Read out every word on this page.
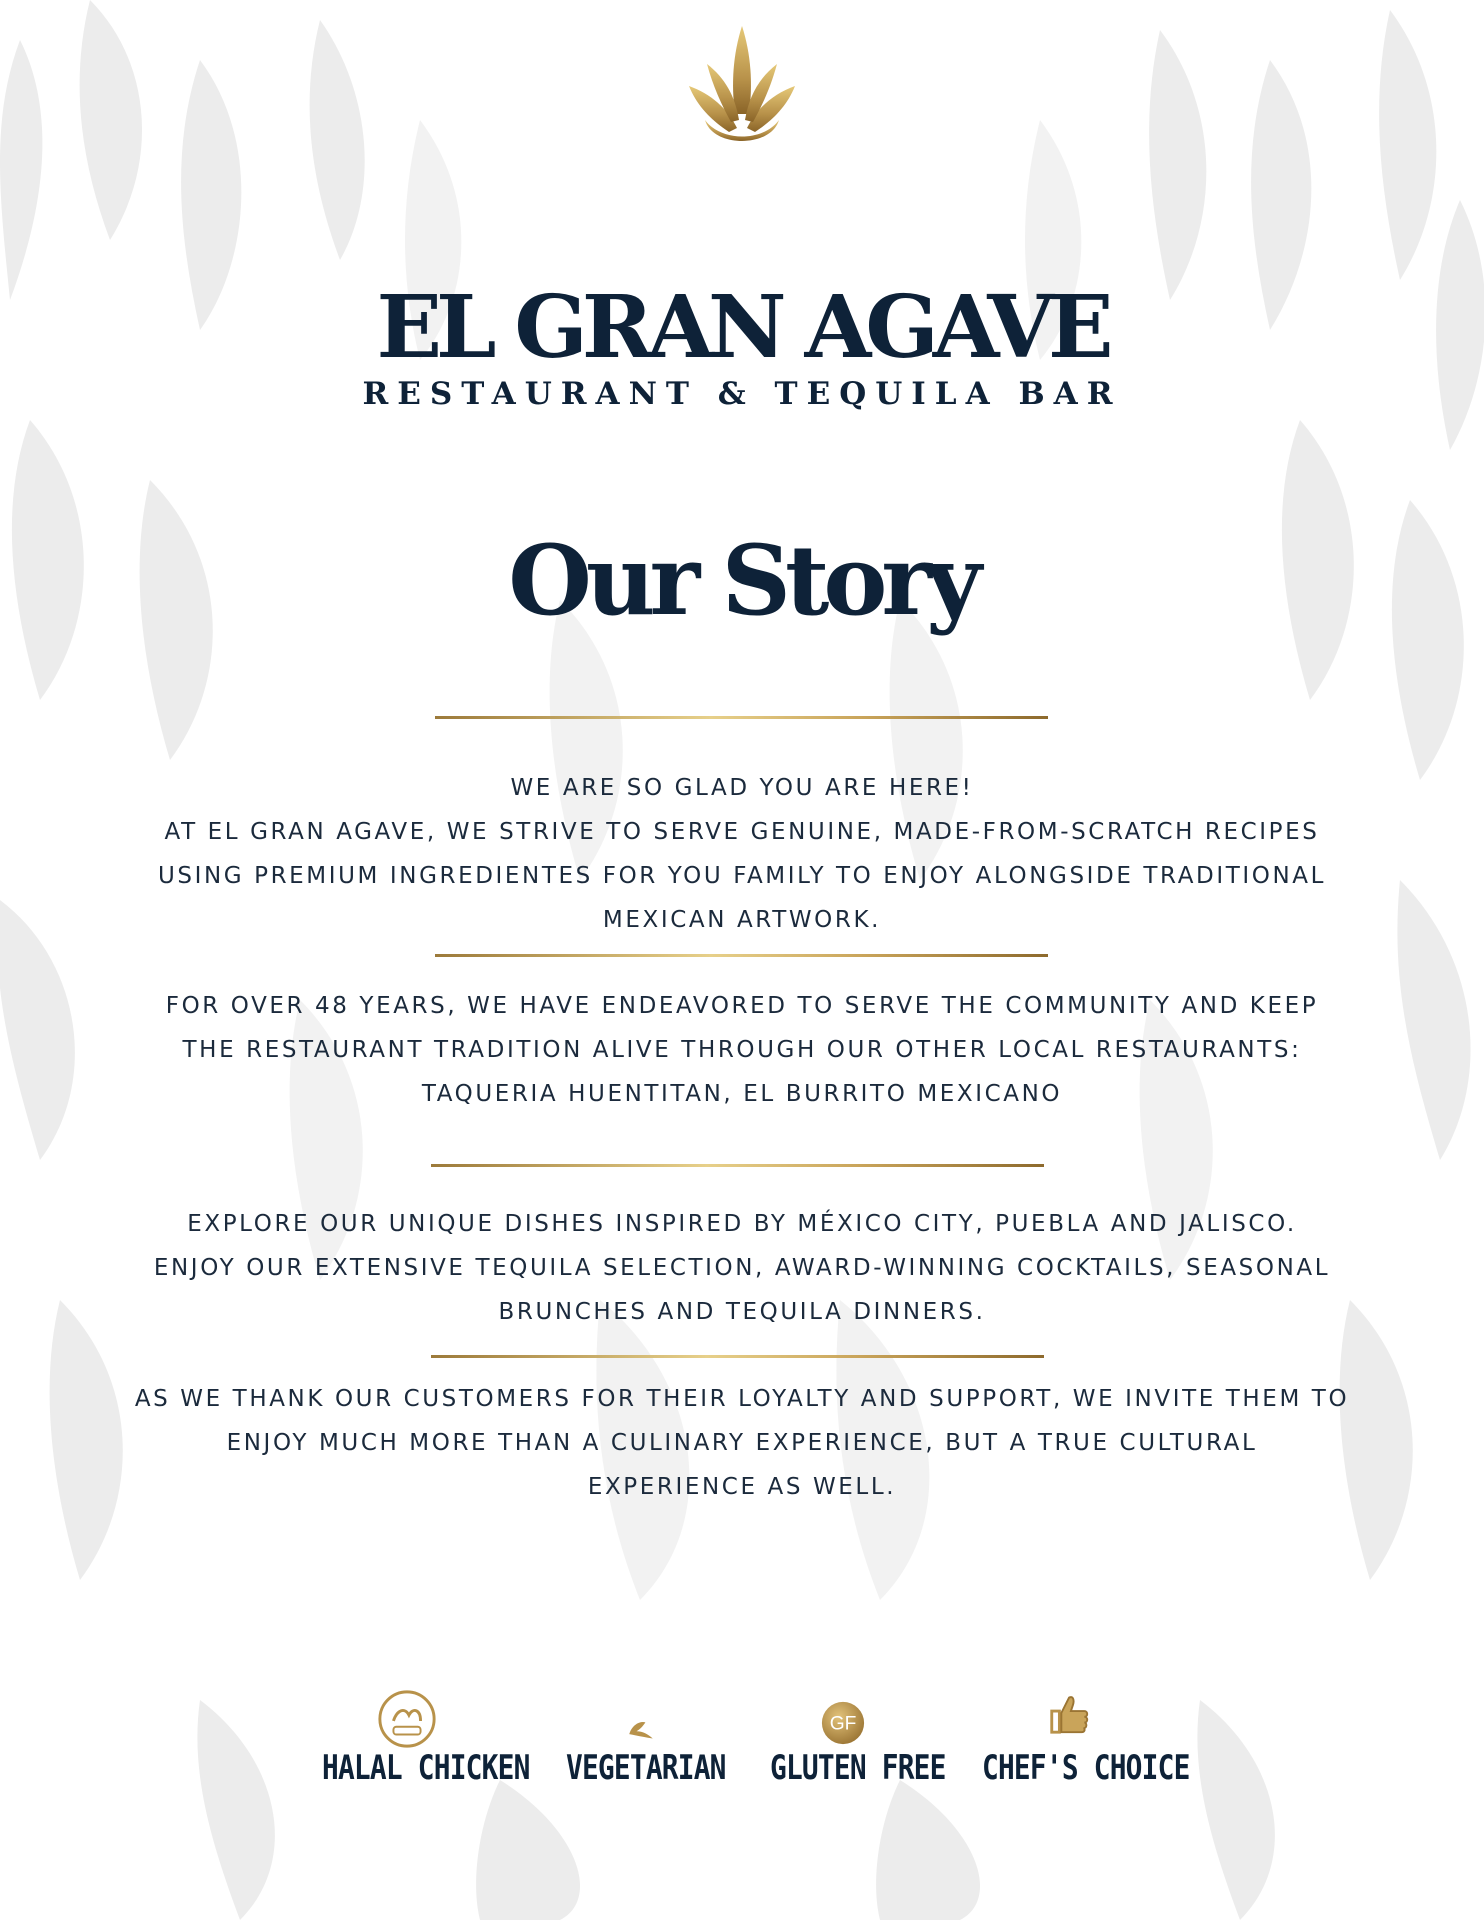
EL GRAN AGAVE
RESTAURANT & TEQUILA BAR
Our Story

WE ARE SO GLAD YOU ARE HERE!
AT EL GRAN AGAVE, WE STRIVE TO SERVE GENUINE, MADE-FROM-SCRATCH RECIPES
USING PREMIUM INGREDIENTES FOR YOU FAMILY TO ENJOY ALONGSIDE TRADITIONAL
MEXICAN ARTWORK.

FOR OVER 48 YEARS, WE HAVE ENDEAVORED TO SERVE THE COMMUNITY AND KEEP
THE RESTAURANT TRADITION ALIVE THROUGH OUR OTHER LOCAL RESTAURANTS:
TAQUERIA HUENTITAN, EL BURRITO MEXICANO

EXPLORE OUR UNIQUE DISHES INSPIRED BY MÉXICO CITY, PUEBLA AND JALISCO.
ENJOY OUR EXTENSIVE TEQUILA SELECTION, AWARD-WINNING COCKTAILS, SEASONAL
BRUNCHES AND TEQUILA DINNERS.

AS WE THANK OUR CUSTOMERS FOR THEIR LOYALTY AND SUPPORT, WE INVITE THEM TO
ENJOY MUCH MORE THAN A CULINARY EXPERIENCE, BUT A TRUE CULTURAL
EXPERIENCE AS WELL.

HALAL CHICKEN VEGETARIAN
GF
GLUTEN FREE CHEF'S CHOICE
